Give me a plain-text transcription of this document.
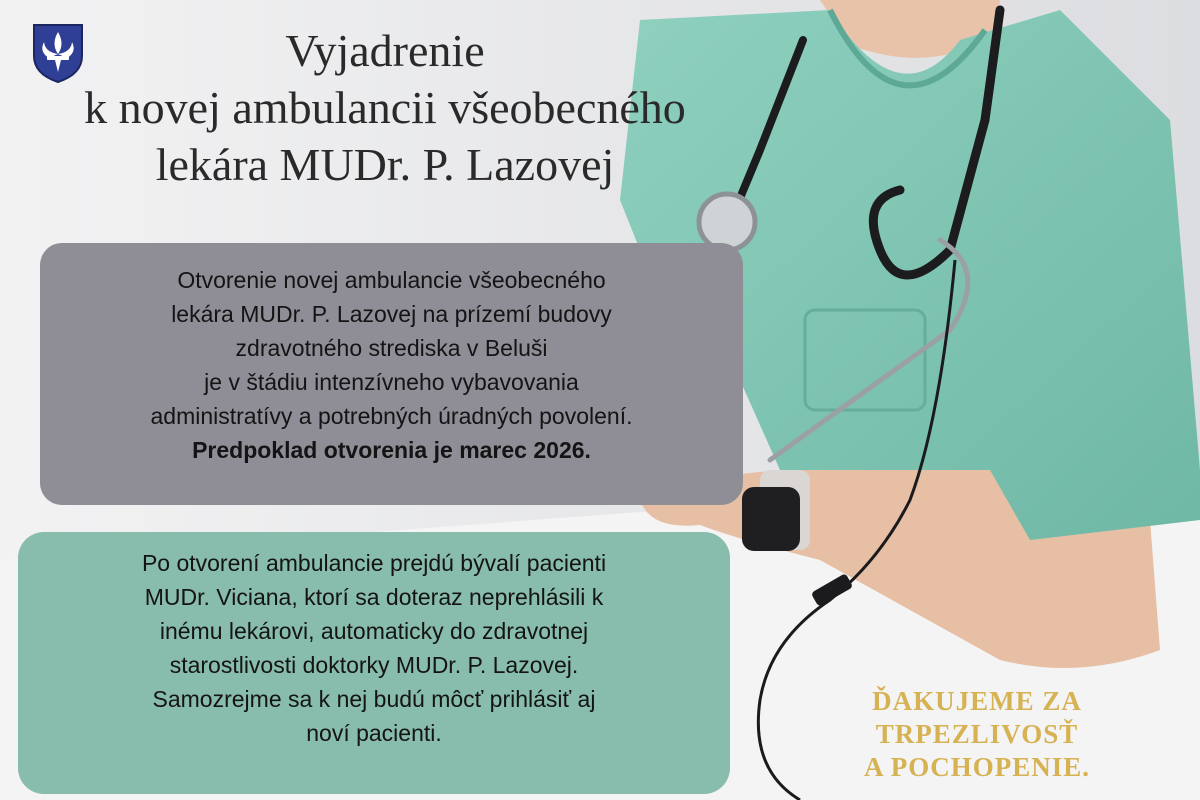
Vyjadrenie
k novej ambulancii všeobecného
lekára MUDr. P. Lazovej

Otvorenie novej ambulancie všeobecného

lekára MUDr. P. Lazovej na prízemí budovy

zdravotného strediska v Beluši

je v štádiu intenzívneho vybavovania

administratívy a potrebných úradných povolení.

Predpoklad otvorenia je marec 2026.

Po otvorení ambulancie prejdú bývalí pacienti

MUDr. Viciana, ktorí sa doteraz neprehlásili k

inému lekárovi, automaticky do zdravotnej

starostlivosti doktorky MUDr. P. Lazovej.

Samozrejme sa k nej budú môcť prihlásiť aj

noví pacienti.

ĎAKUJEME ZA
TRPEZLIVOSŤ
A POCHOPENIE.
